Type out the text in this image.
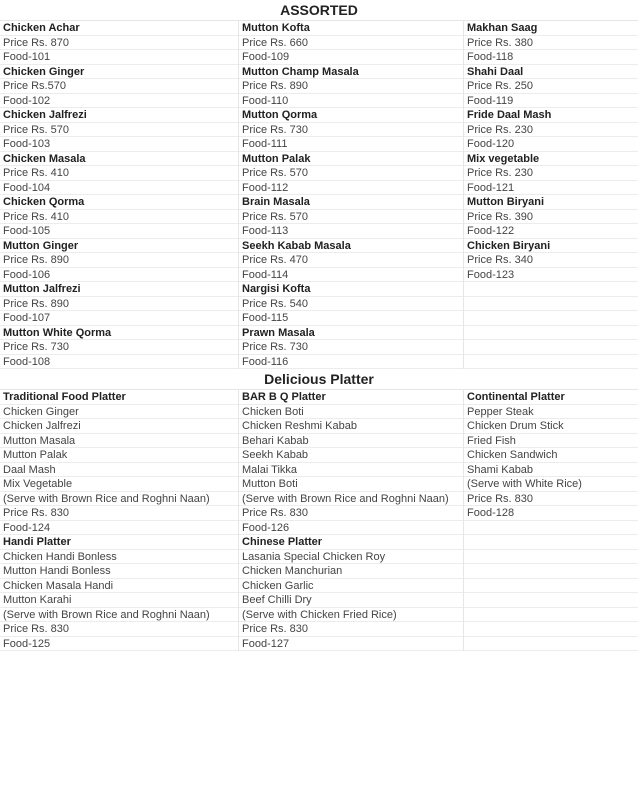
ASSORTED
Chicken Achar
Price Rs. 870
Food-101
Chicken Ginger
Price Rs.570
Food-102
Chicken Jalfrezi
Price Rs. 570
Food-103
Chicken Masala
Price Rs. 410
Food-104
Chicken Qorma
Price Rs. 410
Food-105
Mutton Ginger
Price Rs. 890
Food-106
Mutton Jalfrezi
Price Rs. 890
Food-107
Mutton White Qorma
Price Rs. 730
Food-108
Mutton Kofta
Price Rs. 660
Food-109
Mutton Champ Masala
Price Rs. 890
Food-110
Mutton Qorma
Price Rs. 730
Food-111
Mutton Palak
Price Rs. 570
Food-112
Brain Masala
Price Rs. 570
Food-113
Seekh Kabab Masala
Price Rs. 470
Food-114
Nargisi Kofta
Price Rs. 540
Food-115
Prawn Masala
Price Rs. 730
Food-116
Makhan Saag
Price Rs. 380
Food-118
Shahi Daal
Price Rs. 250
Food-119
Fride Daal Mash
Price Rs. 230
Food-120
Mix vegetable
Price Rs. 230
Food-121
Mutton Biryani
Price Rs. 390
Food-122
Chicken Biryani
Price Rs. 340
Food-123
Delicious Platter
Traditional Food Platter
Chicken Ginger
Chicken Jalfrezi
Mutton Masala
Mutton Palak
Daal Mash
Mix Vegetable
(Serve with Brown Rice and Roghni Naan)
Price Rs. 830
Food-124
Handi Platter
Chicken Handi Bonless
Mutton Handi Bonless
Chicken Masala Handi
Mutton Karahi
(Serve with Brown Rice and Roghni Naan)
Price Rs. 830
Food-125
BAR B Q Platter
Chicken Boti
Chicken Reshmi Kabab
Behari Kabab
Seekh Kabab
Malai Tikka
Mutton Boti
(Serve with Brown Rice and Roghni Naan)
Price Rs. 830
Food-126
Chinese Platter
Lasania Special Chicken Roy
Chicken Manchurian
Chicken Garlic
Beef Chilli Dry
(Serve with Chicken Fried Rice)
Price Rs. 830
Food-127
Continental Platter
Pepper Steak
Chicken Drum Stick
Fried Fish
Chicken Sandwich
Shami Kabab
(Serve with White Rice)
Price Rs. 830
Food-128
